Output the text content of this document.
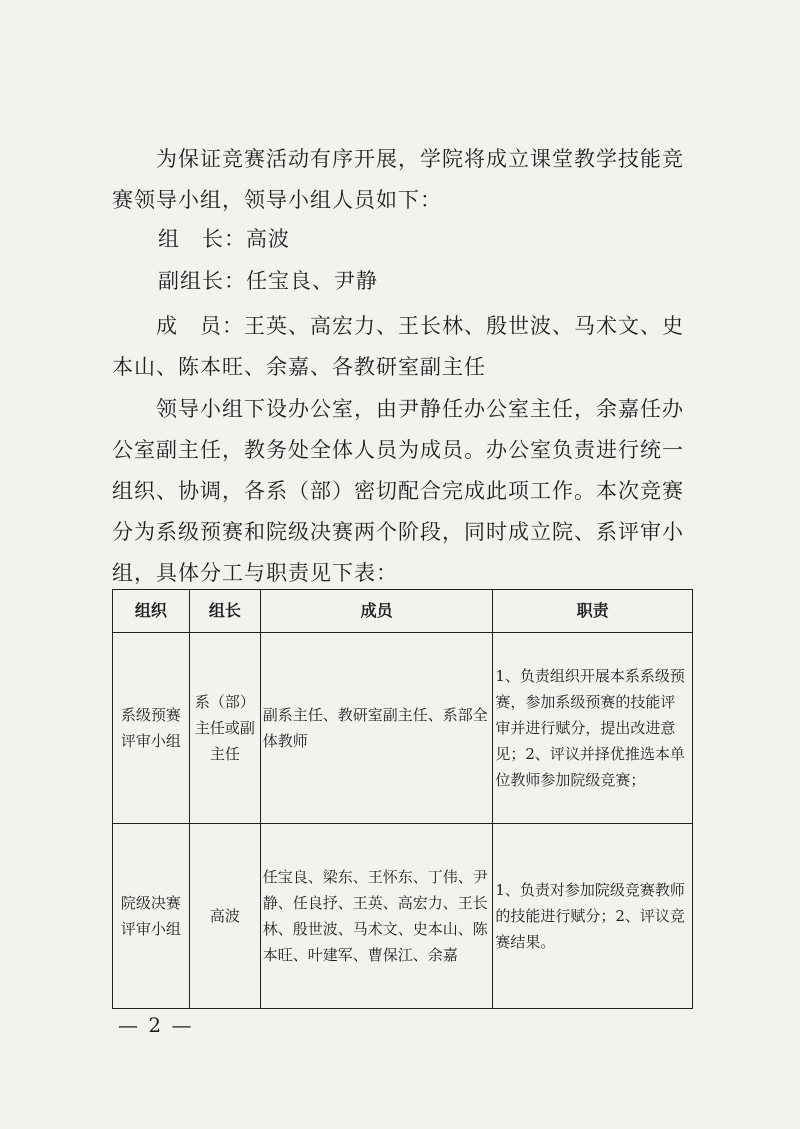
为保证竞赛活动有序开展，学院将成立课堂教学技能竞赛领导小组，领导小组人员如下：

组　长：高波

副组长：任宝良、尹静

成　员：王英、高宏力、王长林、殷世波、马术文、史本山、陈本旺、余嘉、各教研室副主任

领导小组下设办公室，由尹静任办公室主任，余嘉任办公室副主任，教务处全体人员为成员。办公室负责进行统一组织、协调，各系（部）密切配合完成此项工作。本次竞赛分为系级预赛和院级决赛两个阶段，同时成立院、系评审小组，具体分工与职责见下表：

组织	组长	成员	职责
系级预赛评审小组	系（部）主任或副主任	副系主任、教研室副主任、系部全体教师	1、负责组织开展本系系级预赛，参加系级预赛的技能评审并进行赋分，提出改进意见；2、评议并择优推选本单位教师参加院级竞赛；
院级决赛评审小组	高波	任宝良、梁东、王怀东、丁伟、尹静、任良抒、王英、高宏力、王长林、殷世波、马术文、史本山、陈本旺、叶建军、曹保江、余嘉	1、负责对参加院级竞赛教师的技能进行赋分；2、评议竞赛结果。
— 2 —
